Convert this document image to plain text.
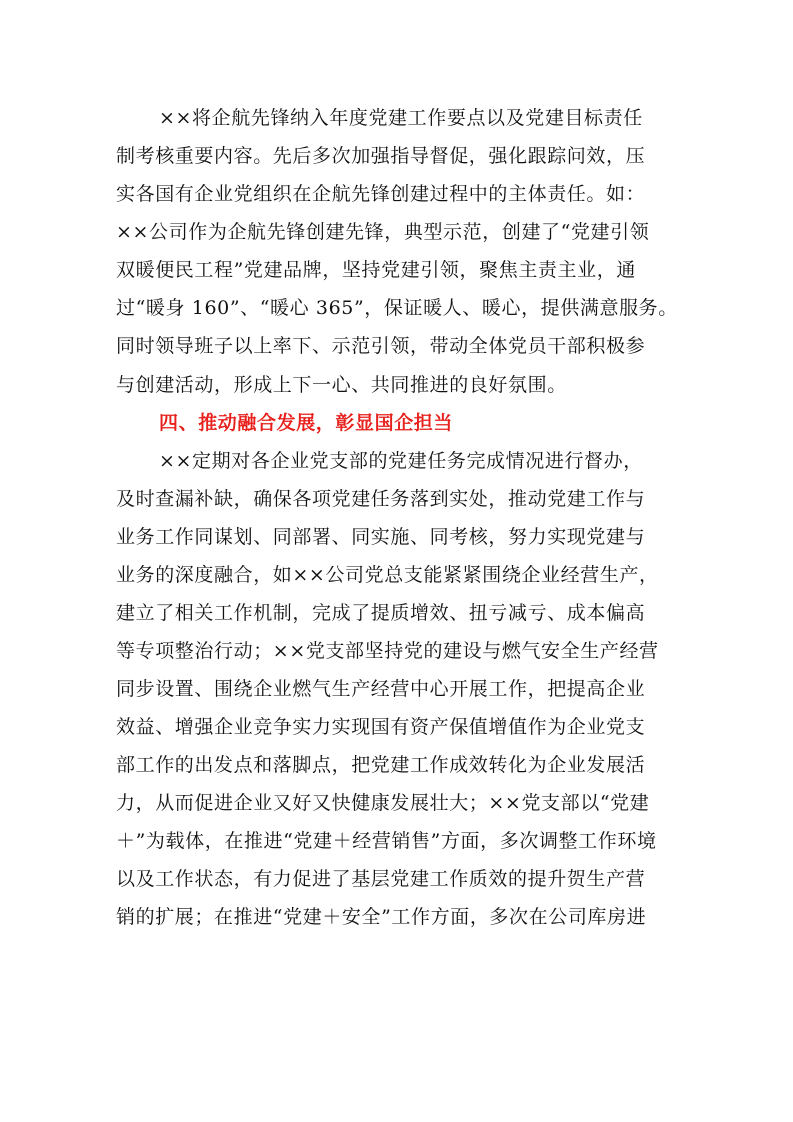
××将企航先锋纳入年度党建工作要点以及党建目标责任
制考核重要内容。先后多次加强指导督促，强化跟踪问效，压
实各国有企业党组织在企航先锋创建过程中的主体责任。如：
××公司作为企航先锋创建先锋，典型示范，创建了“党建引领
双暖便民工程”党建品牌，坚持党建引领，聚焦主责主业，通
过“暖身 160”、“暖心 365”，保证暖人、暖心，提供满意服务。
同时领导班子以上率下、示范引领，带动全体党员干部积极参
与创建活动，形成上下一心、共同推进的良好氛围。
四、推动融合发展，彰显国企担当
××定期对各企业党支部的党建任务完成情况进行督办，
及时查漏补缺，确保各项党建任务落到实处，推动党建工作与
业务工作同谋划、同部署、同实施、同考核，努力实现党建与
业务的深度融合，如××公司党总支能紧紧围绕企业经营生产，
建立了相关工作机制，完成了提质增效、扭亏减亏、成本偏高
等专项整治行动；××党支部坚持党的建设与燃气安全生产经营
同步设置、围绕企业燃气生产经营中心开展工作，把提高企业
效益、增强企业竞争实力实现国有资产保值增值作为企业党支
部工作的出发点和落脚点，把党建工作成效转化为企业发展活
力，从而促进企业又好又快健康发展壮大；××党支部以“党建
＋”为载体，在推进“党建＋经营销售”方面，多次调整工作环境
以及工作状态，有力促进了基层党建工作质效的提升贺生产营
销的扩展；在推进“党建＋安全”工作方面，多次在公司库房进
